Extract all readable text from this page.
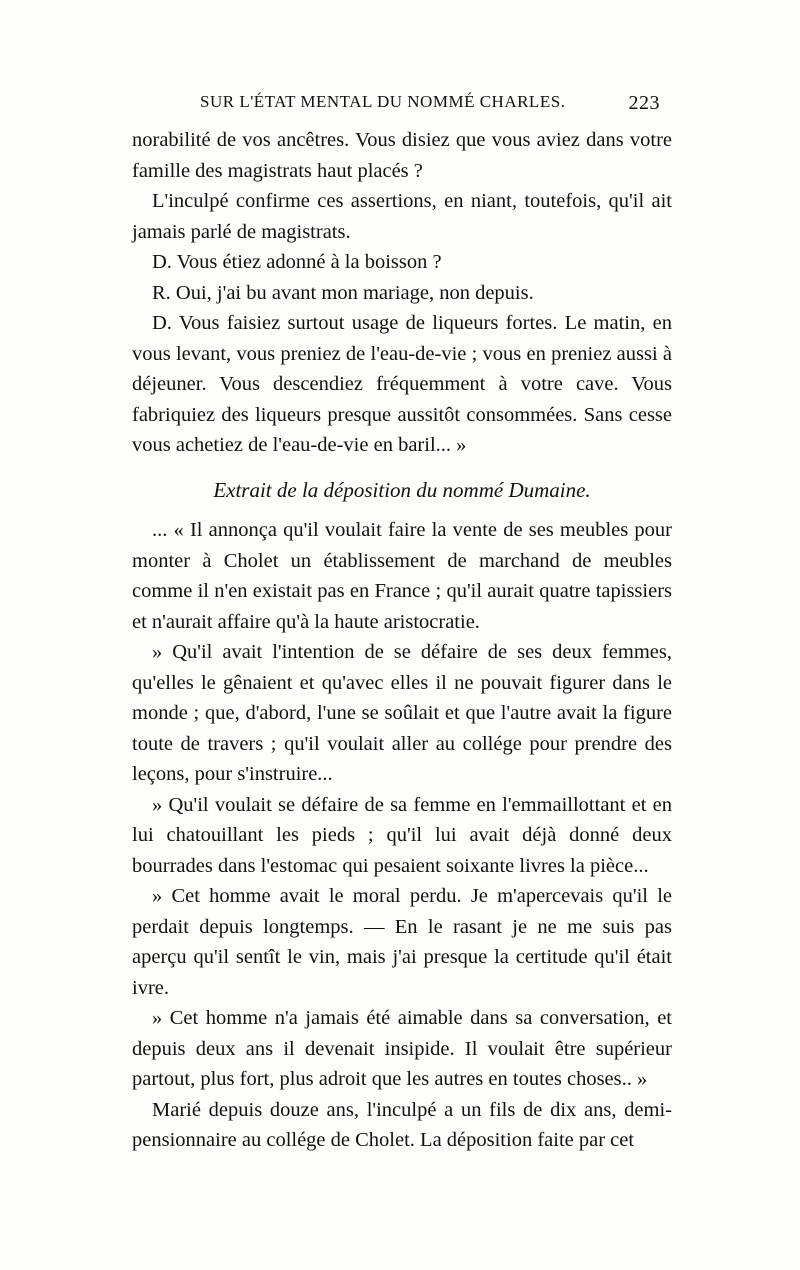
SUR L'ÉTAT MENTAL DU NOMMÉ CHARLES.	223

norabilité de vos ancêtres. Vous disiez que vous aviez dans votre famille des magistrats haut placés ?

L'inculpé confirme ces assertions, en niant, toutefois, qu'il ait jamais parlé de magistrats.

D. Vous étiez adonné à la boisson ?

R. Oui, j'ai bu avant mon mariage, non depuis.

D. Vous faisiez surtout usage de liqueurs fortes. Le matin, en vous levant, vous preniez de l'eau-de-vie ; vous en preniez aussi à déjeuner. Vous descendiez fréquemment à votre cave. Vous fabriquiez des liqueurs presque aussitôt consommées. Sans cesse vous achetiez de l'eau-de-vie en baril... »

Extrait de la déposition du nommé Dumaine.

... « Il annonça qu'il voulait faire la vente de ses meubles pour monter à Cholet un établissement de marchand de meubles comme il n'en existait pas en France ; qu'il aurait quatre tapissiers et n'aurait affaire qu'à la haute aristocratie.

» Qu'il avait l'intention de se défaire de ses deux femmes, qu'elles le gênaient et qu'avec elles il ne pouvait figurer dans le monde ; que, d'abord, l'une se soûlait et que l'autre avait la figure toute de travers ; qu'il voulait aller au collége pour prendre des leçons, pour s'instruire...

» Qu'il voulait se défaire de sa femme en l'emmaillottant et en lui chatouillant les pieds ; qu'il lui avait déjà donné deux bourrades dans l'estomac qui pesaient soixante livres la pièce...

» Cet homme avait le moral perdu. Je m'apercevais qu'il le perdait depuis longtemps. — En le rasant je ne me suis pas aperçu qu'il sentît le vin, mais j'ai presque la certitude qu'il était ivre.

» Cet homme n'a jamais été aimable dans sa conversation, et depuis deux ans il devenait insipide. Il voulait être supérieur partout, plus fort, plus adroit que les autres en toutes choses.. »

Marié depuis douze ans, l'inculpé a un fils de dix ans, demi-pensionnaire au collége de Cholet. La déposition faite par cet
